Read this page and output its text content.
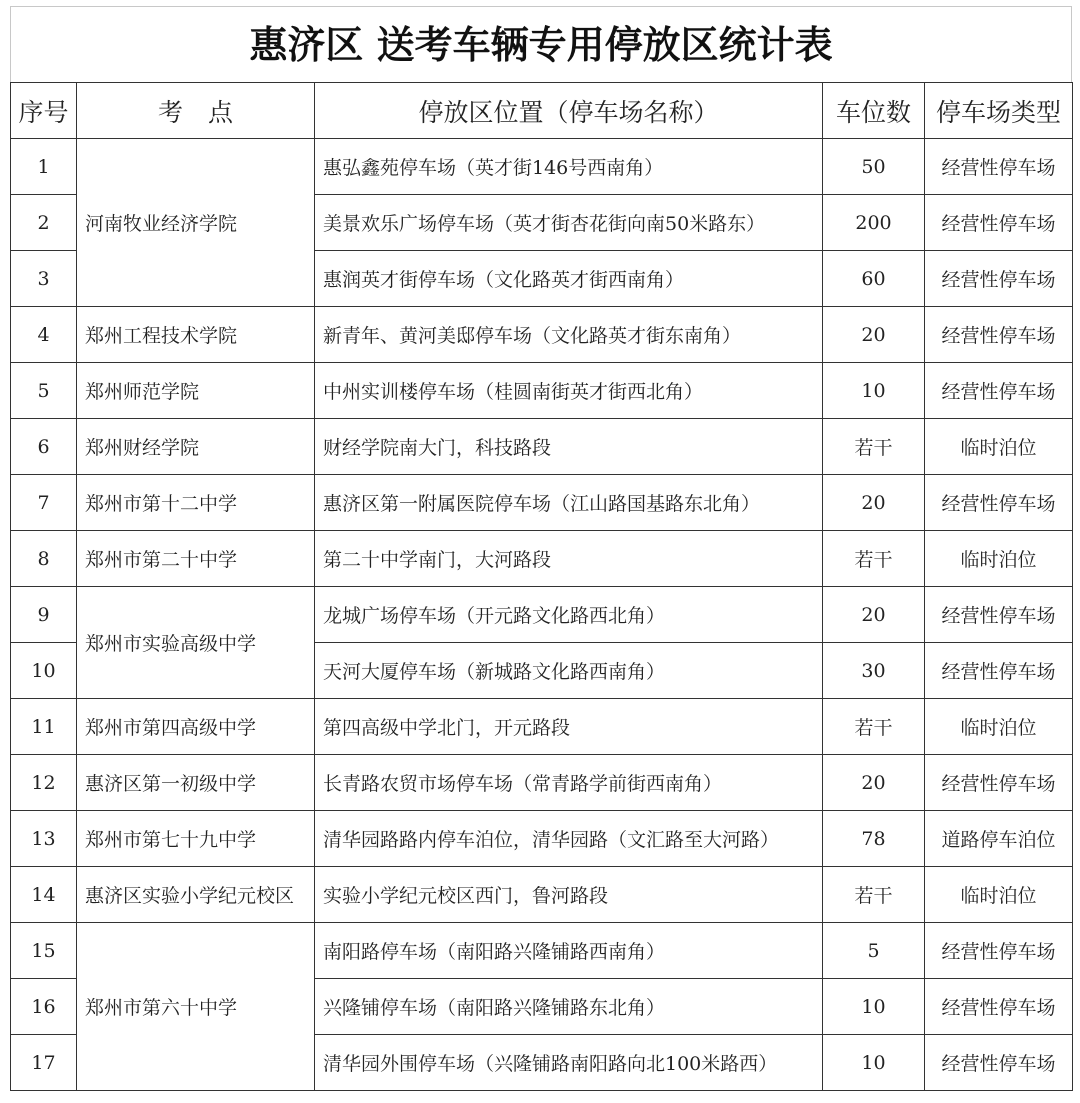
惠济区 送考车辆专用停放区统计表
序号	考　点	停放区位置（停车场名称）	车位数	停车场类型
1	河南牧业经济学院	惠弘鑫苑停车场（英才街146号西南角）	50	经营性停车场
2		美景欢乐广场停车场（英才街杏花街向南50米路东）	200	经营性停车场
3		惠润英才街停车场（文化路英才街西南角）	60	经营性停车场
4	郑州工程技术学院	新青年、黄河美邸停车场（文化路英才街东南角）	20	经营性停车场
5	郑州师范学院	中州实训楼停车场（桂圆南街英才街西北角）	10	经营性停车场
6	郑州财经学院	财经学院南大门，科技路段	若干	临时泊位
7	郑州市第十二中学	惠济区第一附属医院停车场（江山路国基路东北角）	20	经营性停车场
8	郑州市第二十中学	第二十中学南门，大河路段	若干	临时泊位
9	郑州市实验高级中学	龙城广场停车场（开元路文化路西北角）	20	经营性停车场
10		天河大厦停车场（新城路文化路西南角）	30	经营性停车场
11	郑州市第四高级中学	第四高级中学北门，开元路段	若干	临时泊位
12	惠济区第一初级中学	长青路农贸市场停车场（常青路学前街西南角）	20	经营性停车场
13	郑州市第七十九中学	清华园路路内停车泊位，清华园路（文汇路至大河路）	78	道路停车泊位
14	惠济区实验小学纪元校区	实验小学纪元校区西门，鲁河路段	若干	临时泊位
15	郑州市第六十中学	南阳路停车场（南阳路兴隆铺路西南角）	5	经营性停车场
16		兴隆铺停车场（南阳路兴隆铺路东北角）	10	经营性停车场
17		清华园外围停车场（兴隆铺路南阳路向北100米路西）	10	经营性停车场
